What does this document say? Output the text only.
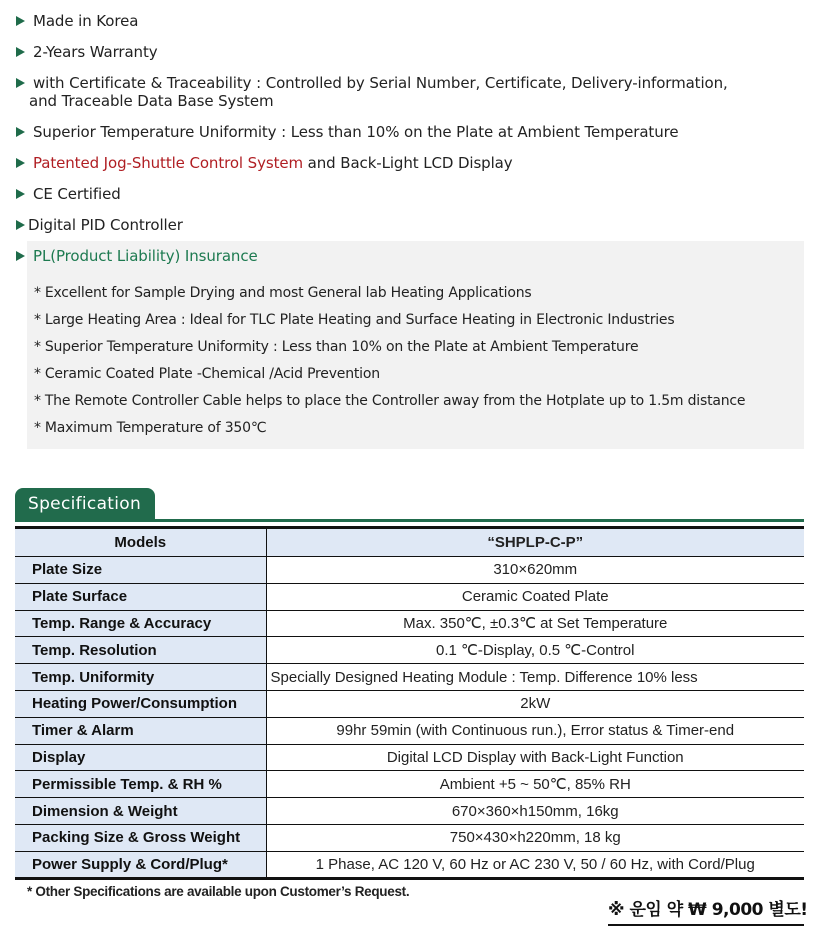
Made in Korea
2-Years Warranty
with Certificate & Traceability : Controlled by Serial Number, Certificate, Delivery-information,
and Traceable Data Base System
Superior Temperature Uniformity : Less than 10% on the Plate at Ambient Temperature
Patented Jog-Shuttle Control System and Back-Light LCD Display
CE Certified
Digital PID Controller
PL(Product Liability) Insurance
* Excellent for Sample Drying and most General lab Heating Applications
* Large Heating Area : Ideal for TLC Plate Heating and Surface Heating in Electronic Industries
* Superior Temperature Uniformity : Less than 10% on the Plate at Ambient Temperature
* Ceramic Coated Plate -Chemical /Acid Prevention
* The Remote Controller Cable helps to place the Controller away from the Hotplate up to 1.5m distance
* Maximum Temperature of 350℃
Specification
Models	“SHPLP-C-P”
Plate Size	310×620mm
Plate Surface	Ceramic Coated Plate
Temp. Range & Accuracy	Max. 350℃, ±0.3℃ at Set Temperature
Temp. Resolution	0.1 ℃-Display, 0.5 ℃-Control
Temp. Uniformity	Specially Designed Heating Module : Temp. Difference 10% less
Heating Power/Consumption	2kW
Timer & Alarm	99hr 59min (with Continuous run.), Error status & Timer-end
Display	Digital LCD Display with Back-Light Function
Permissible Temp. & RH %	Ambient +5 ~ 50℃, 85% RH
Dimension & Weight	670×360×h150mm, 16kg
Packing Size & Gross Weight	750×430×h220mm, 18 kg
Power Supply & Cord/Plug*	1 Phase, AC 120 V, 60 Hz or AC 230 V, 50 / 60 Hz, with Cord/Plug
* Other Specifications are available upon Customer’s Request.
※ 운임 약 ₩ 9,000 별도!
